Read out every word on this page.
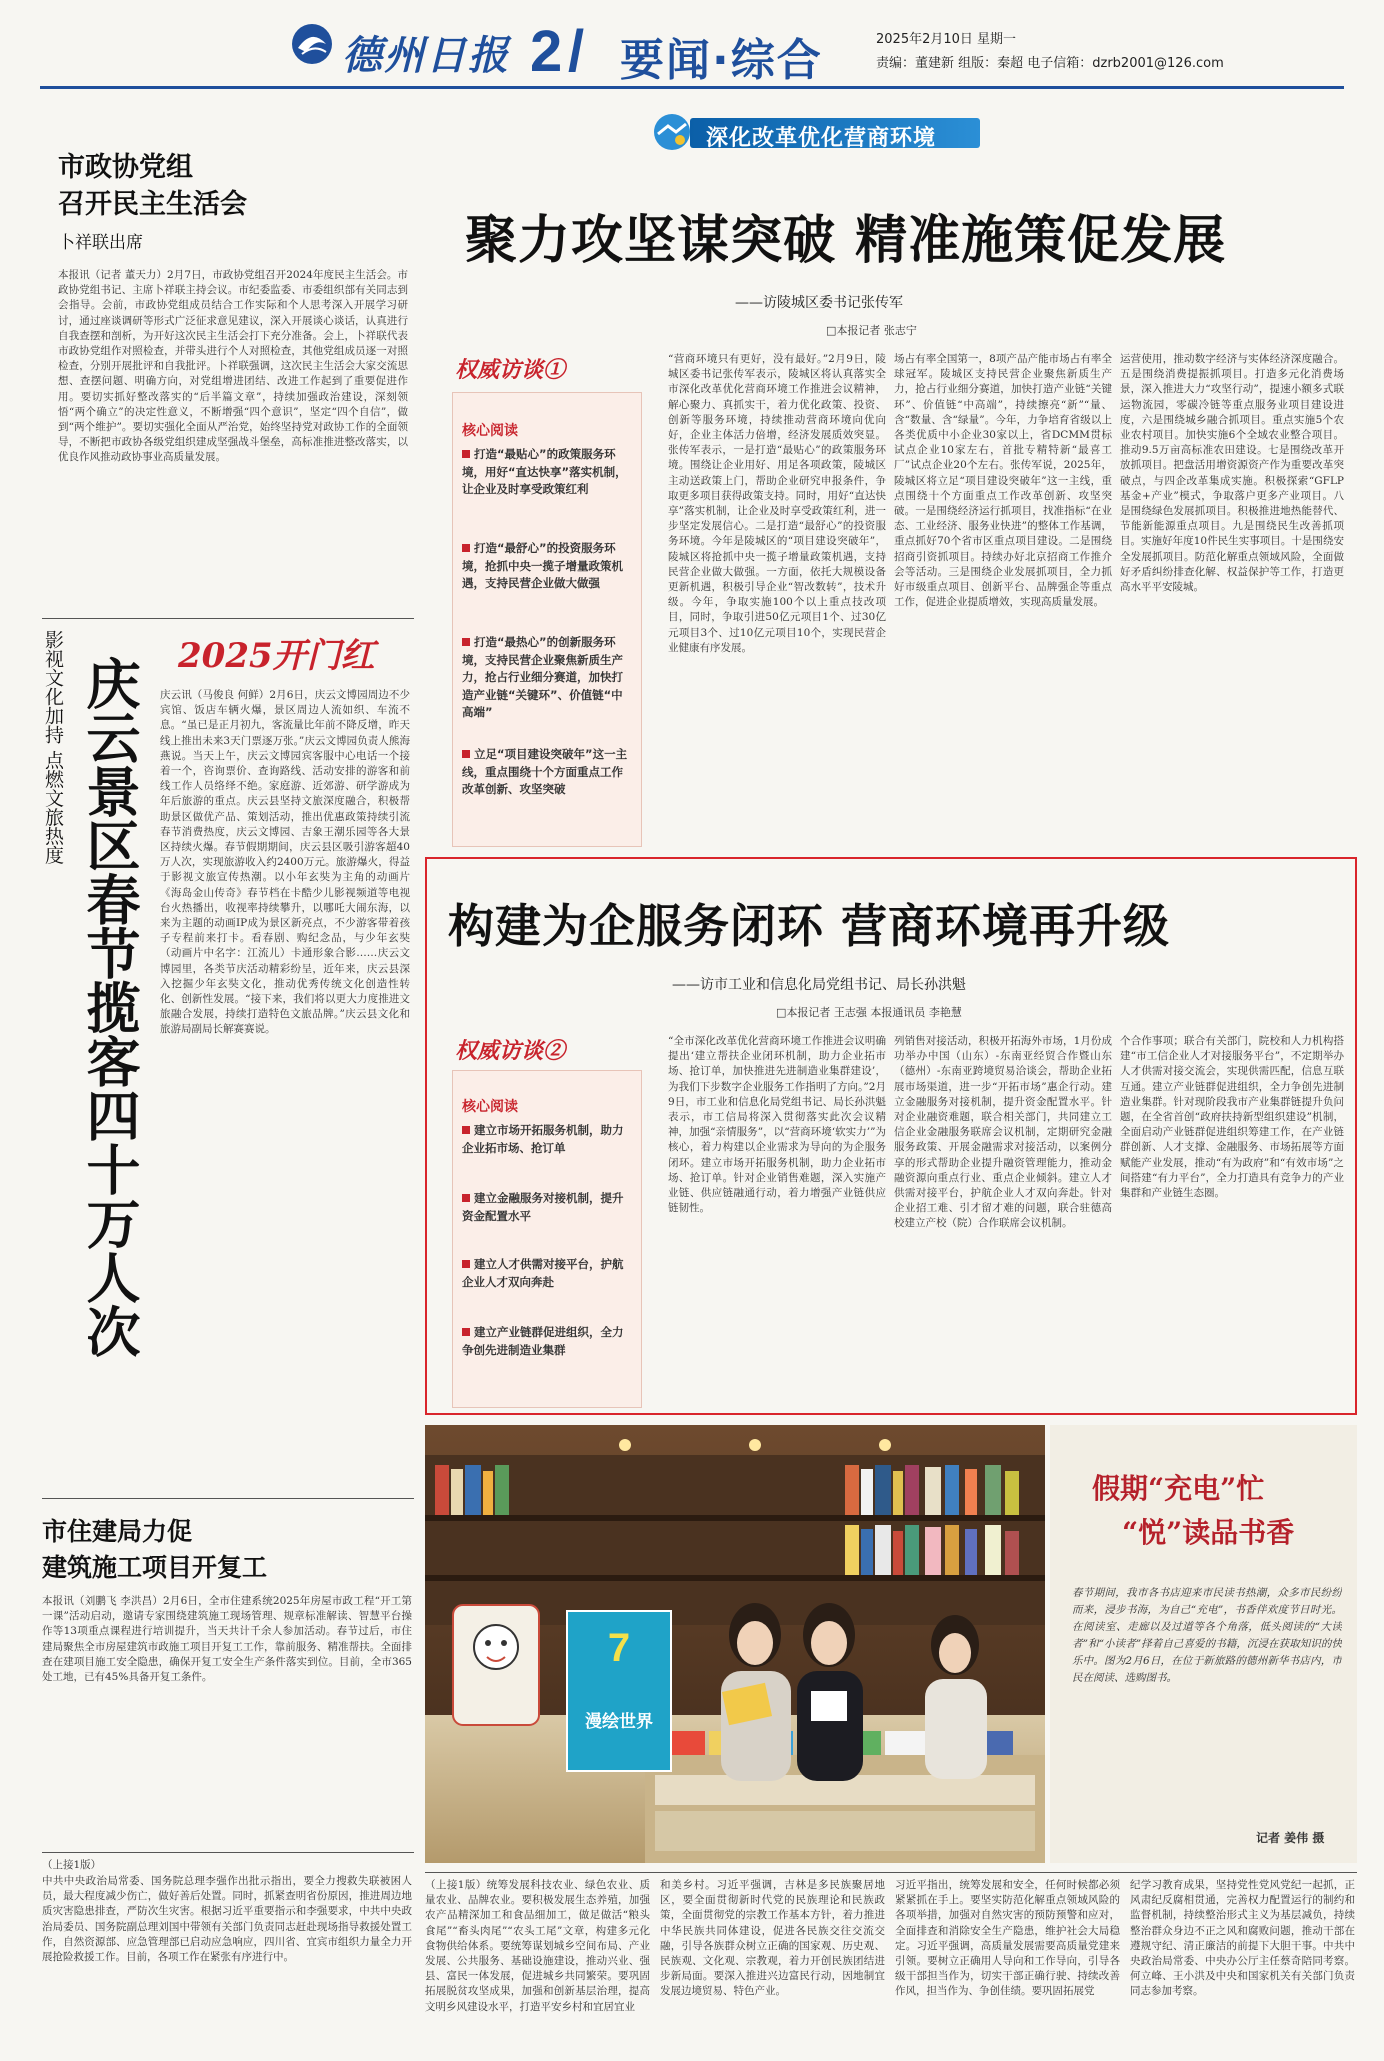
德州日报 2 / 要闻·综合	2025年2月10日 星期一
责编：董建新 组版：秦超 电子信箱：dzrb2001@126.com
市政协党组
召开民主生活会
卜祥联出席
本报讯（记者 董天力）2月7日，市政协党组召开2024年度民主生活会。市政协党组书记、主席卜祥联主持会议。市纪委监委、市委组织部有关同志到会指导。会前，市政协党组成员结合工作实际和个人思考深入开展学习研讨，通过座谈调研等形式广泛征求意见建议，深入开展谈心谈话，认真进行自我查摆和剖析，为开好这次民主生活会打下充分准备。会上，卜祥联代表市政协党组作对照检查，并带头进行个人对照检查，其他党组成员逐一对照检查，分别开展批评和自我批评。卜祥联强调，这次民主生活会大家交流思想、查摆问题、明确方向，对党组增进团结、改进工作起到了重要促进作用。要切实抓好整改落实的“后半篇文章”，持续加强政治建设，深刻领悟“两个确立”的决定性意义，不断增强“四个意识”，坚定“四个自信”，做到“两个维护”。要切实强化全面从严治党，始终坚持党对政协工作的全面领导，不断把市政协各级党组织建成坚强战斗堡垒，高标准推进整改落实，以优良作风推动政协事业高质量发展。
2025开门红
影视文化加持 点燃文旅热度 庆云景区春节揽客四十万人次	庆云讯（马俊良 何鲜）2月6日，庆云文博园周边不少宾馆、饭店车辆火爆，景区周边人流如织、车流不息。“虽已是正月初九，客流量比年前不降反增，昨天线上推出未来3天门票逐万张。”庆云文博园负责人熊海燕说。当天上午，庆云文博园宾客服中心电话一个接着一个，咨询票价、查询路线、活动安排的游客和前线工作人员络绎不绝。家庭游、近郊游、研学游成为年后旅游的重点。庆云县坚持文旅深度融合，积极帮助景区做优产品、策划活动，推出优惠政策持续引流春节消费热度，庆云文博园、吉象王潮乐园等各大景区持续火爆。春节假期期间，庆云县区吸引游客超40万人次，实现旅游收入约2400万元。旅游爆火，得益于影视文旅宣传热潮。以小年玄奘为主角的动画片《海岛金山传奇》春节档在卡酷少儿影视频道等电视台火热播出，收视率持续攀升，以哪吒大闹东海，以来为主题的动画IP成为景区新亮点，不少游客带着孩子专程前来打卡。看春剧、购纪念品，与少年玄奘（动画片中名字：江流儿）卡通形象合影……庆云文博园里，各类节庆活动精彩纷呈，近年来，庆云县深入挖掘少年玄奘文化，推动优秀传统文化创造性转化、创新性发展。“接下来，我们将以更大力度推进文旅融合发展，持续打造特色文旅品牌。”庆云县文化和旅游局副局长解赛赛说。
市住建局力促
建筑施工项目开复工
本报讯（刘鹏飞 李洪昌）2月6日，全市住建系统2025年房屋市政工程“开工第一课”活动启动，邀请专家围绕建筑施工现场管理、规章标准解读、智慧平台操作等13项重点课程进行培训提升，当天共计千余人参加活动。春节过后，市住建局聚焦全市房屋建筑市政施工项目开复工工作，靠前服务、精准帮扶。全面排查在建项目施工安全隐患，确保开复工安全生产条件落实到位。目前，全市365处工地，已有45%具备开复工条件。
（上接1版）
中共中央政治局常委、国务院总理李强作出批示指出，要全力搜救失联被困人员，最大程度减少伤亡，做好善后处置。同时，抓紧查明省份原因，推进周边地质灾害隐患排查，严防次生灾害。根据习近平重要指示和李强要求，中共中央政治局委员、国务院副总理刘国中带领有关部门负责同志赶赴现场指导救援处置工作，自然资源部、应急管理部已启动应急响应，四川省、宜宾市组织力量全力开展抢险救援工作。目前，各项工作在紧张有序进行中。
深化改革优化营商环境
聚力攻坚谋突破 精准施策促发展
——访陵城区委书记张传军
□本报记者 张志宁
权威访谈①
核心阅读
打造“最贴心”的政策服务环境，用好“直达快享”落实机制，让企业及时享受政策红利
打造“最舒心”的投资服务环境，抢抓中央一揽子增量政策机遇，支持民营企业做大做强
打造“最热心”的创新服务环境，支持民营企业聚焦新质生产力，抢占行业细分赛道，加快打造产业链“关键环”、价值链“中高端”
立足“项目建设突破年”这一主线，重点围绕十个方面重点工作改革创新、攻坚突破
“营商环境只有更好，没有最好。”2月9日，陵城区委书记张传军表示，陵城区将认真落实全市深化改革优化营商环境工作推进会议精神，解心聚力、真抓实干，着力优化政策、投资、创新等服务环境，持续推动营商环境向优向好，企业主体活力倍增，经济发展质效突显。张传军表示，一是打造“最贴心”的政策服务环境。围绕让企业用好、用足各项政策，陵城区主动送政策上门，帮助企业研究申报条件，争取更多项目获得政策支持。同时，用好“直达快享”落实机制，让企业及时享受政策红利，进一步坚定发展信心。二是打造“最舒心”的投资服务环境。今年是陵城区的“项目建设突破年”，陵城区将抢抓中央一揽子增量政策机遇，支持民营企业做大做强。一方面，依托大规模设备更新机遇，积极引导企业“智改数转”，技术升级。今年，争取实施100个以上重点技改项目，同时，争取引进50亿元项目1个、过30亿元项目3个、过10亿元项目10个，实现民营企业健康有序发展。
场占有率全国第一，8项产品产能市场占有率全球冠军。陵城区支持民营企业聚焦新质生产力，抢占行业细分赛道，加快打造产业链“关键环”、价值链“中高端”，持续擦亮“新”“量、含“数量、含“绿量”。今年，力争培育省级以上各类优质中小企业30家以上，省DCMM贯标试点企业10家左右，首批专精特新“最喜工厂”试点企业20个左右。张传军说，2025年，陵城区将立足“项目建设突破年”这一主线，重点围绕十个方面重点工作改革创新、攻坚突破。一是围绕经济运行抓项目，找准指标“在业态、工业经济、服务业快进”的整体工作基调，重点抓好70个省市区重点项目建设。二是围绕招商引资抓项目。持续办好北京招商工作推介会等活动。三是围绕企业发展抓项目，全力抓好市级重点项目、创新平台、品牌强企等重点工作，促进企业提质增效，实现高质量发展。
运营使用，推动数字经济与实体经济深度融合。五是围绕消费提振抓项目。打造多元化消费场景，深入推进大力“攻坚行动”，提速小额多式联运物流园，零碳冷链等重点服务业项目建设进度，六是围绕城乡融合抓项目。重点实施5个农业农村项目。加快实施6个全域农业整合项目。推动9.5万亩高标准农田建设。七是围绕改革开放抓项目。把盘活用增资源资产作为重要改革突破点，与四企改革集成实施。积极探索“GFLP基金+产业”模式，争取落户更多产业项目。八是围绕绿色发展抓项目。积极推进地热能替代、节能新能源重点项目。九是围绕民生改善抓项目。实施好年度10件民生实事项目。十是围绕安全发展抓项目。防范化解重点领域风险，全面做好矛盾纠纷排查化解、权益保护等工作，打造更高水平平安陵城。
构建为企服务闭环 营商环境再升级
——访市工业和信息化局党组书记、局长孙洪魁
□本报记者 王志强 本报通讯员 李艳慧
权威访谈②
核心阅读
建立市场开拓服务机制，助力企业拓市场、抢订单
建立金融服务对接机制，提升资金配置水平
建立人才供需对接平台，护航企业人才双向奔赴
建立产业链群促进组织，全力争创先进制造业集群
“全市深化改革优化营商环境工作推进会议明确提出‘建立帮扶企业闭环机制，助力企业拓市场、抢订单，加快推进先进制造业集群建设’，为我们下步数字企业服务工作指明了方向。”2月9日，市工业和信息化局党组书记、局长孙洪魁表示，市工信局将深入贯彻落实此次会议精神，加强“亲情服务”，以“营商环境‘软实力’”为核心，着力构建以企业需求为导向的为企服务闭环。建立市场开拓服务机制，助力企业拓市场、抢订单。针对企业销售难题，深入实施产业链、供应链融通行动，着力增强产业链供应链韧性。
列销售对接活动，积极开拓海外市场，1月份成功举办中国（山东）-东南亚经贸合作暨山东（德州）-东南亚跨境贸易洽谈会，帮助企业拓展市场渠道，进一步“开拓市场”惠企行动。建立金融服务对接机制，提升资金配置水平。针对企业融资难题，联合相关部门，共同建立工信企业金融服务联席会议机制，定期研究金融服务政策、开展金融需求对接活动，以案例分享的形式帮助企业提升融资管理能力，推动金融资源向重点行业、重点企业倾斜。建立人才供需对接平台，护航企业人才双向奔赴。针对企业招工难、引才留才难的问题，联合驻德高校建立产校（院）合作联席会议机制。
个合作事项；联合有关部门，院校和人力机构搭建“市工信企业人才对接服务平台”，不定期举办人才供需对接交流会，实现供需匹配，信息互联互通。建立产业链群促进组织，全力争创先进制造业集群。针对现阶段我市产业集群链提升负问题，在全省首创“政府扶持新型组织建设”机制，全面启动产业链群促进组织筹建工作，在产业链群创新、人才支撑、金融服务、市场拓展等方面赋能产业发展，推动“有为政府”和“有效市场”之间搭建“有力平台”，全力打造具有竞争力的产业集群和产业链生态圈。
7
漫绘世界
假期“充电”忙
“悦”读品书香
春节期间，我市各书店迎来市民读书热潮，众多市民纷纷而来，浸步书海，为自己“充电”，书香伴欢度节日时光。在阅读室、走廊以及过道等各个角落，低头阅读的“大读者”和“小读者”择着自己喜爱的书籍，沉浸在获取知识的快乐中。图为2月6日，在位于新旅路的德州新华书店内，市民在阅读、选购图书。
记者 姜伟 摄
（上接1版）统筹发展科技农业、绿色农业、质量农业、品牌农业。要积极发展生态养殖，加强农产品精深加工和食品细加工，做足做活“粮头食尾”“畜头肉尾”“农头工尾”文章，构建多元化食物供给体系。要统筹谋划城乡空间布局、产业发展、公共服务、基础设施建设，推动兴业、强县、富民一体发展，促进城乡共同繁荣。要巩固拓展脱贫攻坚成果，加强和创新基层治理，提高文明乡风建设水平，打造平安乡村和宜居宜业
和美乡村。习近平强调，吉林是多民族聚居地区，要全面贯彻新时代党的民族理论和民族政策，全面贯彻党的宗教工作基本方针，着力推进中华民族共同体建设，促进各民族交往交流交融，引导各族群众树立正确的国家观、历史观、民族观、文化观、宗教观，着力开创民族团结进步新局面。要深入推进兴边富民行动，因地制宜发展边境贸易、特色产业。
习近平指出，统筹发展和安全，任何时候都必须紧紧抓在手上。要坚实防范化解重点领域风险的各项举措，加强对自然灾害的预防预警和应对，全面排查和消除安全生产隐患，维护社会大局稳定。习近平强调，高质量发展需要高质量党建来引领。要树立正确用人导向和工作导向，引导各级干部担当作为，切实干部正确行驶、持续改善作风，担当作为、争创佳绩。要巩固拓展党
纪学习教育成果，坚持党性党风党纪一起抓，正风肃纪反腐相贯通，完善权力配置运行的制约和监督机制，持续整治形式主义为基层减负，持续整治群众身边不正之风和腐败问题，推动干部在遵规守纪、清正廉洁的前提下大胆干事。中共中央政治局常委、中央办公厅主任蔡奇陪同考察。何立峰、王小洪及中央和国家机关有关部门负责同志参加考察。
